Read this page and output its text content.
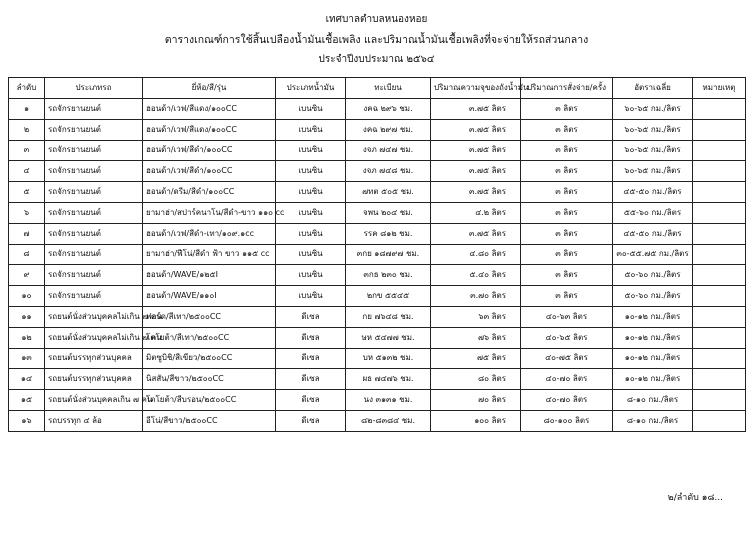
เทศบาลตำบลหนองหอย
ตารางเกณฑ์การใช้สิ้นเปลืองน้ำมันเชื้อเพลิง และปริมาณน้ำมันเชื้อเพลิงที่จะจ่ายให้รถส่วนกลาง
ประจำปีงบประมาณ ๒๕๖๔
ลำดับ	ประเภทรถ	ยี่ห้อ/สี/รุ่น	ประเภทน้ำมัน	ทะเบียน	ปริมาณความจุของถังน้ำมัน	ปริมาณการสั่งจ่าย/ครั้ง	อัตราเฉลี่ย	หมายเหตุ
๑	รถจักรยานยนต์	ฮอนด้า/เวฟ/สีแดง/๑๐๐CC	เบนซิน	งคฉ ๒๙๖ ชม.	๓.๗๕ ลิตร	๓ ลิตร	๖๐-๖๕ กม./ลิตร	
๒	รถจักรยานยนต์	ฮอนด้า/เวฟ/สีแดง/๑๐๐CC	เบนซิน	งคฉ ๒๙๗ ชม.	๓.๗๕ ลิตร	๓ ลิตร	๖๐-๖๕ กม./ลิตร	
๓	รถจักรยานยนต์	ฮอนด้า/เวฟ/สีดำ/๑๐๐CC	เบนซิน	งจภ ๗๔๗ ชม.	๓.๗๕ ลิตร	๓ ลิตร	๖๐-๖๕ กม./ลิตร	
๔	รถจักรยานยนต์	ฮอนด้า/เวฟ/สีดำ/๑๐๐CC	เบนซิน	งจภ ๗๔๘ ชม.	๓.๗๕ ลิตร	๓ ลิตร	๖๐-๖๕ กม./ลิตร	
๕	รถจักรยานยนต์	ฮอนด้า/ดรีม/สีดำ/๑๐๐CC	เบนซิน	๗ทต ๕๐๕ ชม.	๓.๗๕ ลิตร	๓ ลิตร	๔๕-๕๐ กม./ลิตร	
๖	รถจักรยานยนต์	ยามาฮ่า/สปาร์คนาโน/สีดำ-ขาว ๑๑๐ cc	เบนซิน	จพน ๒๐๔ ชม.	๔.๒ ลิตร	๓ ลิตร	๕๕-๖๐ กม./ลิตร	
๗	รถจักรยานยนต์	ฮอนด้า/เวฟ/สีดำ-เทา/๑๐๙.๑cc	เบนซิน	รรค ๘๑๒ ชม.	๓.๗๕ ลิตร	๓ ลิตร	๔๕-๕๐ กม./ลิตร	
๘	รถจักรยานยนต์	ยามาฮ่า/ฟีโน่/สีดำ ฟ้า ขาว ๑๑๕ cc	เบนซิน	๓กย ๑๘๗๙๗ ชม.	๔.๘๐ ลิตร	๓ ลิตร	๓๐-๕๕.๗๕ กม./ลิตร	
๙	รถจักรยานยนต์	ฮอนด้า/WAVE/๑๒๕I	เบนซิน	๓กธ ๒๓๐ ชม.	๕.๔๐ ลิตร	๓ ลิตร	๕๐-๖๐ กม./ลิตร	
๑๐	รถจักรยานยนต์	ฮอนด้า/WAVE/๑๑๐I	เบนซิน	๒กข ๕๕๔๕	๓.๗๐ ลิตร	๓ ลิตร	๕๐-๖๐ กม./ลิตร	
๑๑	รถยนต์นั่งส่วนบุคคลไม่เกิน ๗ คน	ฟอร์ด/สีเทา/๒๕๐๐CC	ดีเซล	กย ๗๖๔๘ ชม.	๖๓ ลิตร	๔๐-๖๓ ลิตร	๑๐-๑๒ กม./ลิตร	
๑๒	รถยนต์นั่งส่วนบุคคลไม่เกิน ๗ คน	โตโยต้า/สีเทา/๒๕๐๐CC	ดีเซล	ษห ๕๔๗๗ ชม.	๗๖ ลิตร	๔๐-๖๕ ลิตร	๑๐-๑๒ กม./ลิตร	
๑๓	รถยนต์บรรทุกส่วนบุคคล	มิตซูบิชิ/สีเขียว/๒๕๐๐CC	ดีเซล	บห ๕๑๓๒ ชม.	๗๕ ลิตร	๔๐-๗๕ ลิตร	๑๐-๑๒ กม./ลิตร	
๑๔	รถยนต์บรรทุกส่วนบุคคล	นิสสัน/สีขาว/๒๕๐๐CC	ดีเซล	ผธ ๗๔๗๖ ชม.	๘๐ ลิตร	๔๐-๗๐ ลิตร	๑๐-๑๒ กม./ลิตร	
๑๕	รถยนต์นั่งส่วนบุคคลเกิน ๗ คน	โตโยต้า/สีบรอน/๒๕๐๐CC	ดีเซล	นง ๓๑๓๑ ชม.	๗๐ ลิตร	๔๐-๗๐ ลิตร	๘-๑๐ กม./ลิตร	
๑๖	รถบรรทุก ๔ ล้อ	อีโน่/สีขาว/๒๕๐๐CC	ดีเซล	๘๒-๘๓๘๔ ชม.	๑๐๐ ลิตร	๘๐-๑๐๐ ลิตร	๘-๑๐ กม./ลิตร	
๒/ลำดับ ๑๘...
